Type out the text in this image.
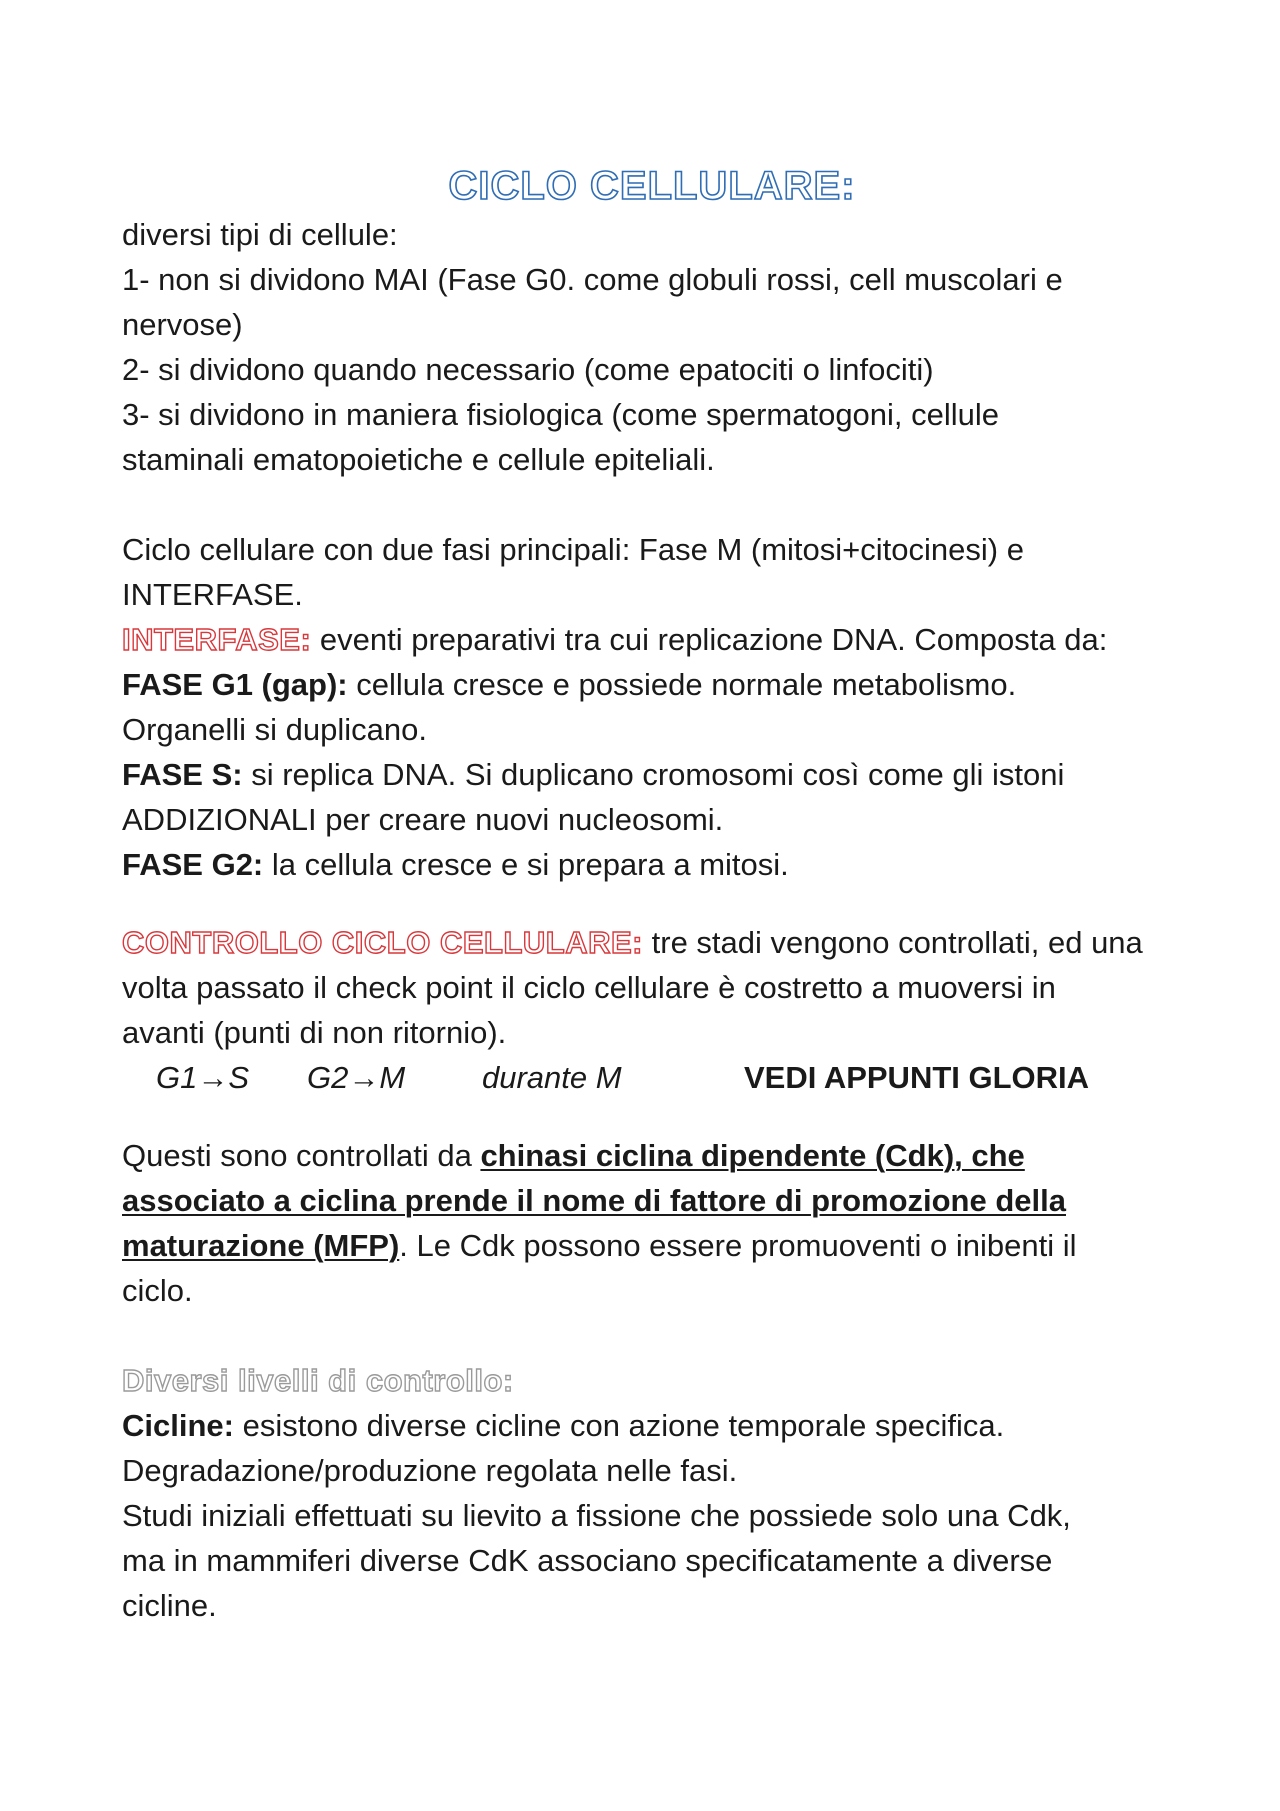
CICLO CELLULARE:
diversi tipi di cellule:
1- non si dividono MAI (Fase G0. come globuli rossi, cell muscolari e
nervose)
2- si dividono quando necessario (come epatociti o linfociti)
3- si dividono in maniera fisiologica (come spermatogoni, cellule
staminali ematopoietiche e cellule epiteliali.
Ciclo cellulare con due fasi principali: Fase M (mitosi+citocinesi) e
INTERFASE.
INTERFASE: eventi preparativi tra cui replicazione DNA. Composta da:
FASE G1 (gap): cellula cresce e possiede normale metabolismo.
Organelli si duplicano.
FASE S: si replica DNA. Si duplicano cromosomi così come gli istoni
ADDIZIONALI per creare nuovi nucleosomi.
FASE G2: la cellula cresce e si prepara a mitosi.
CONTROLLO CICLO CELLULARE: tre stadi vengono controllati, ed una
volta passato il check point il ciclo cellulare è costretto a muoversi in
avanti (punti di non ritornio).
G1→S G2→M durante M	VEDI APPUNTI GLORIA
Questi sono controllati da chinasi ciclina dipendente (Cdk), che
associato a ciclina prende il nome di fattore di promozione della
maturazione (MFP). Le Cdk possono essere promuoventi o inibenti il
ciclo.
Diversi livelli di controllo:
Cicline: esistono diverse cicline con azione temporale specifica.
Degradazione/produzione regolata nelle fasi.
Studi iniziali effettuati su lievito a fissione che possiede solo una Cdk,
ma in mammiferi diverse CdK associano specificatamente a diverse
cicline.
